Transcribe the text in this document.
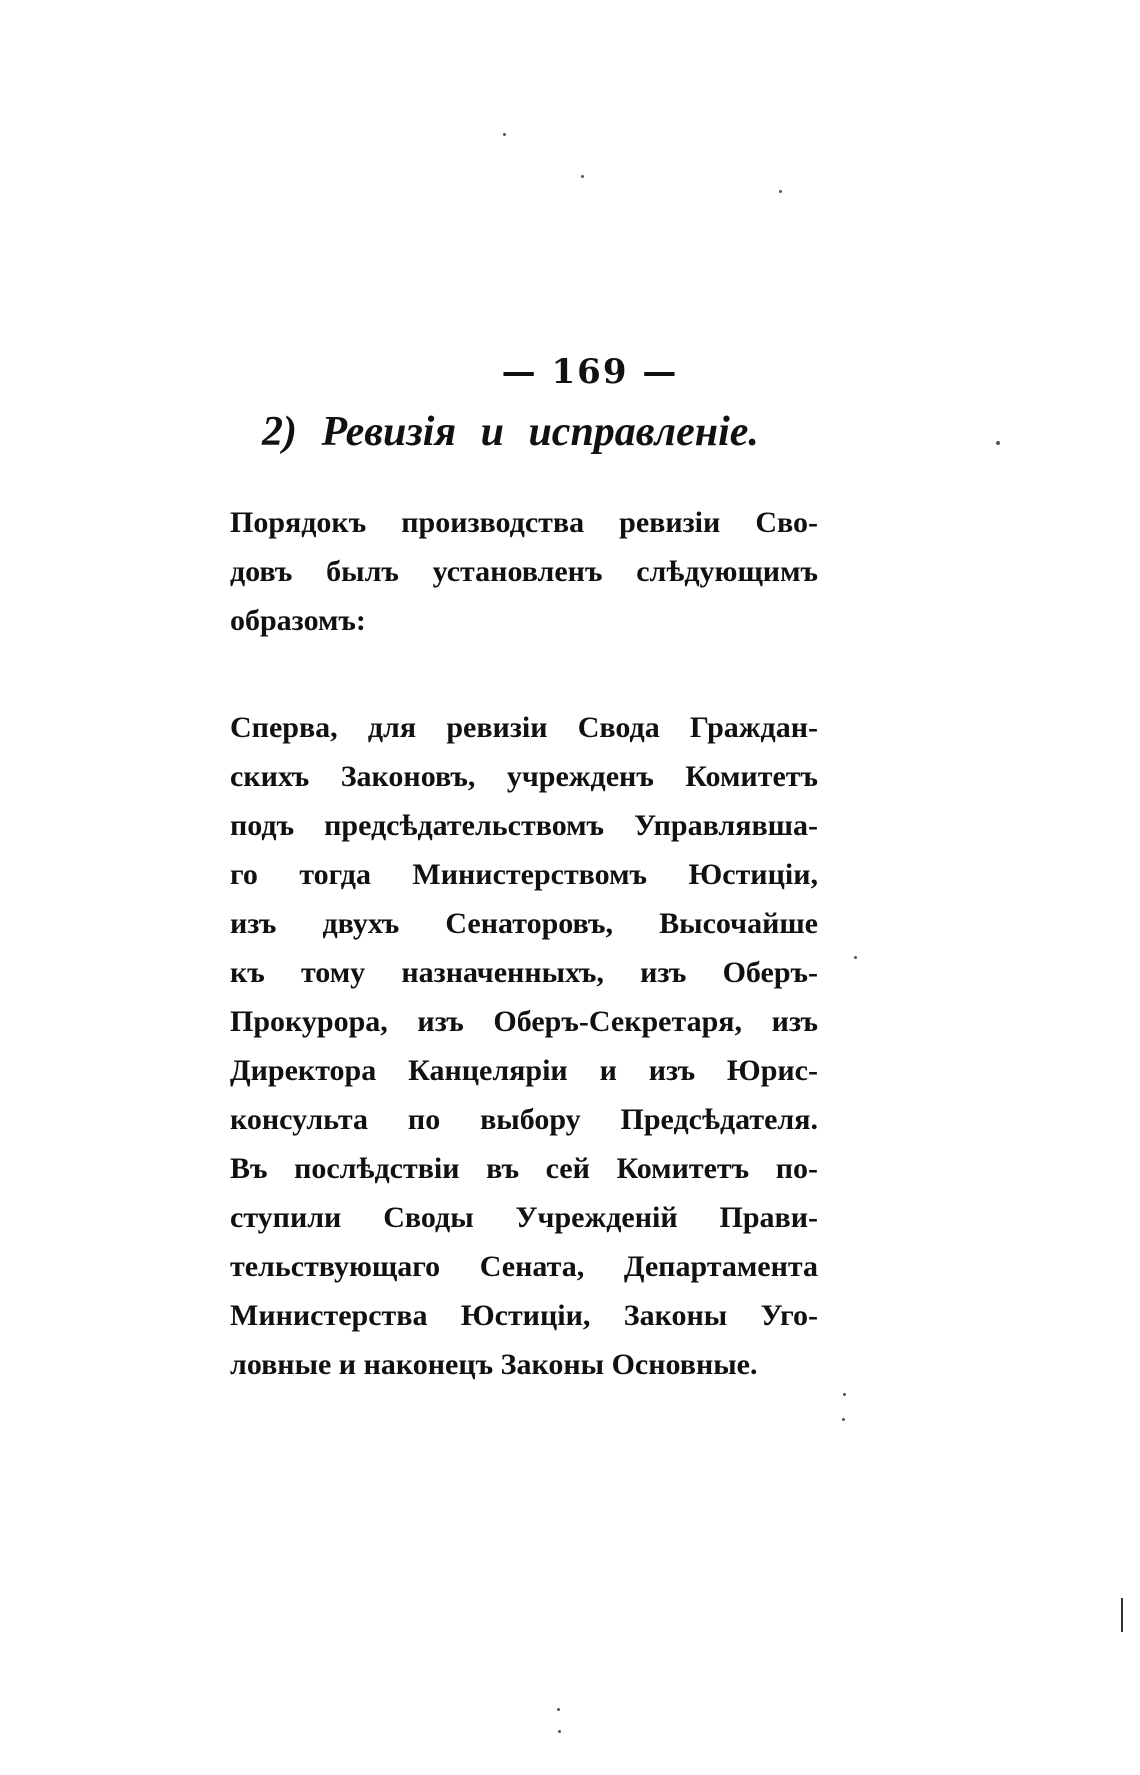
— 169 —
2) Ревизія и исправленіе.
Порядокъ производства ревизіи Сво-
довъ былъ установленъ слѣдующимъ
образомъ:
Сперва, для ревизіи Свода Граждан-
скихъ Законовъ, учрежденъ Комитетъ
подъ предсѣдательствомъ Управлявша-
го тогда Министерствомъ Юстиціи,
изъ двухъ Сенаторовъ, Высочайше
къ тому назначенныхъ, изъ Оберъ-
Прокурора, изъ Оберъ-Секретаря, изъ
Директора Канцеляріи и изъ Юрис-
консульта по выбору Предсѣдателя.
Въ послѣдствіи въ сей Комитетъ по-
ступили Своды Учрежденій Прави-
тельствующаго Сената, Департамента
Министерства Юстиціи, Законы Уго-
ловные и наконецъ Законы Основные.
